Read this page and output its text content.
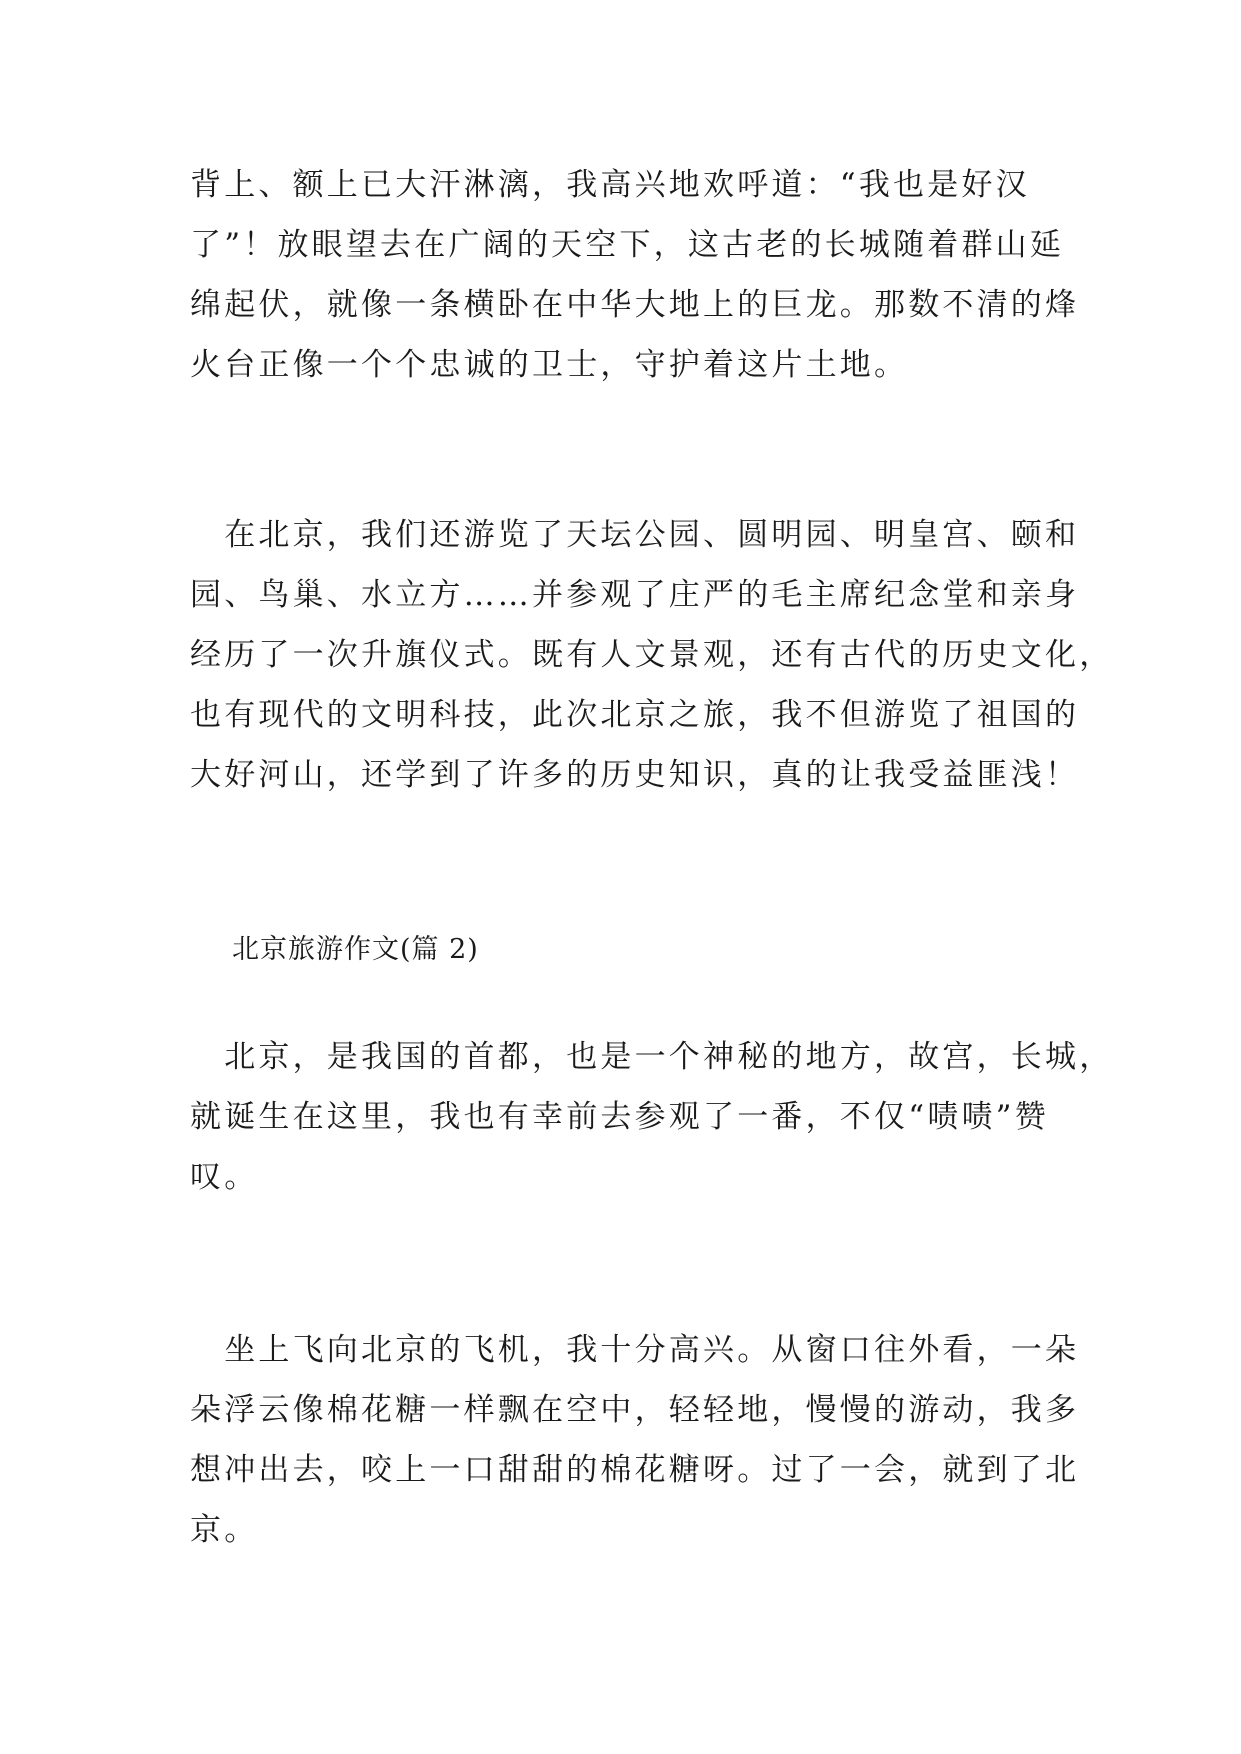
背上、额上已大汗淋漓，我高兴地欢呼道：“我也是好汉
了”！放眼望去在广阔的天空下，这古老的长城随着群山延
绵起伏，就像一条横卧在中华大地上的巨龙。那数不清的烽
火台正像一个个忠诚的卫士，守护着这片土地。
　在北京，我们还游览了天坛公园、圆明园、明皇宫、颐和
园、鸟巢、水立方……并参观了庄严的毛主席纪念堂和亲身
经历了一次升旗仪式。既有人文景观，还有古代的历史文化，
也有现代的文明科技，此次北京之旅，我不但游览了祖国的
大好河山，还学到了许多的历史知识，真的让我受益匪浅！
北京旅游作文(篇 2)
　北京，是我国的首都，也是一个神秘的地方，故宫，长城，
就诞生在这里，我也有幸前去参观了一番，不仅“啧啧”赞
叹。
　坐上飞向北京的飞机，我十分高兴。从窗口往外看，一朵
朵浮云像棉花糖一样飘在空中，轻轻地，慢慢的游动，我多
想冲出去，咬上一口甜甜的棉花糖呀。过了一会，就到了北
京。
